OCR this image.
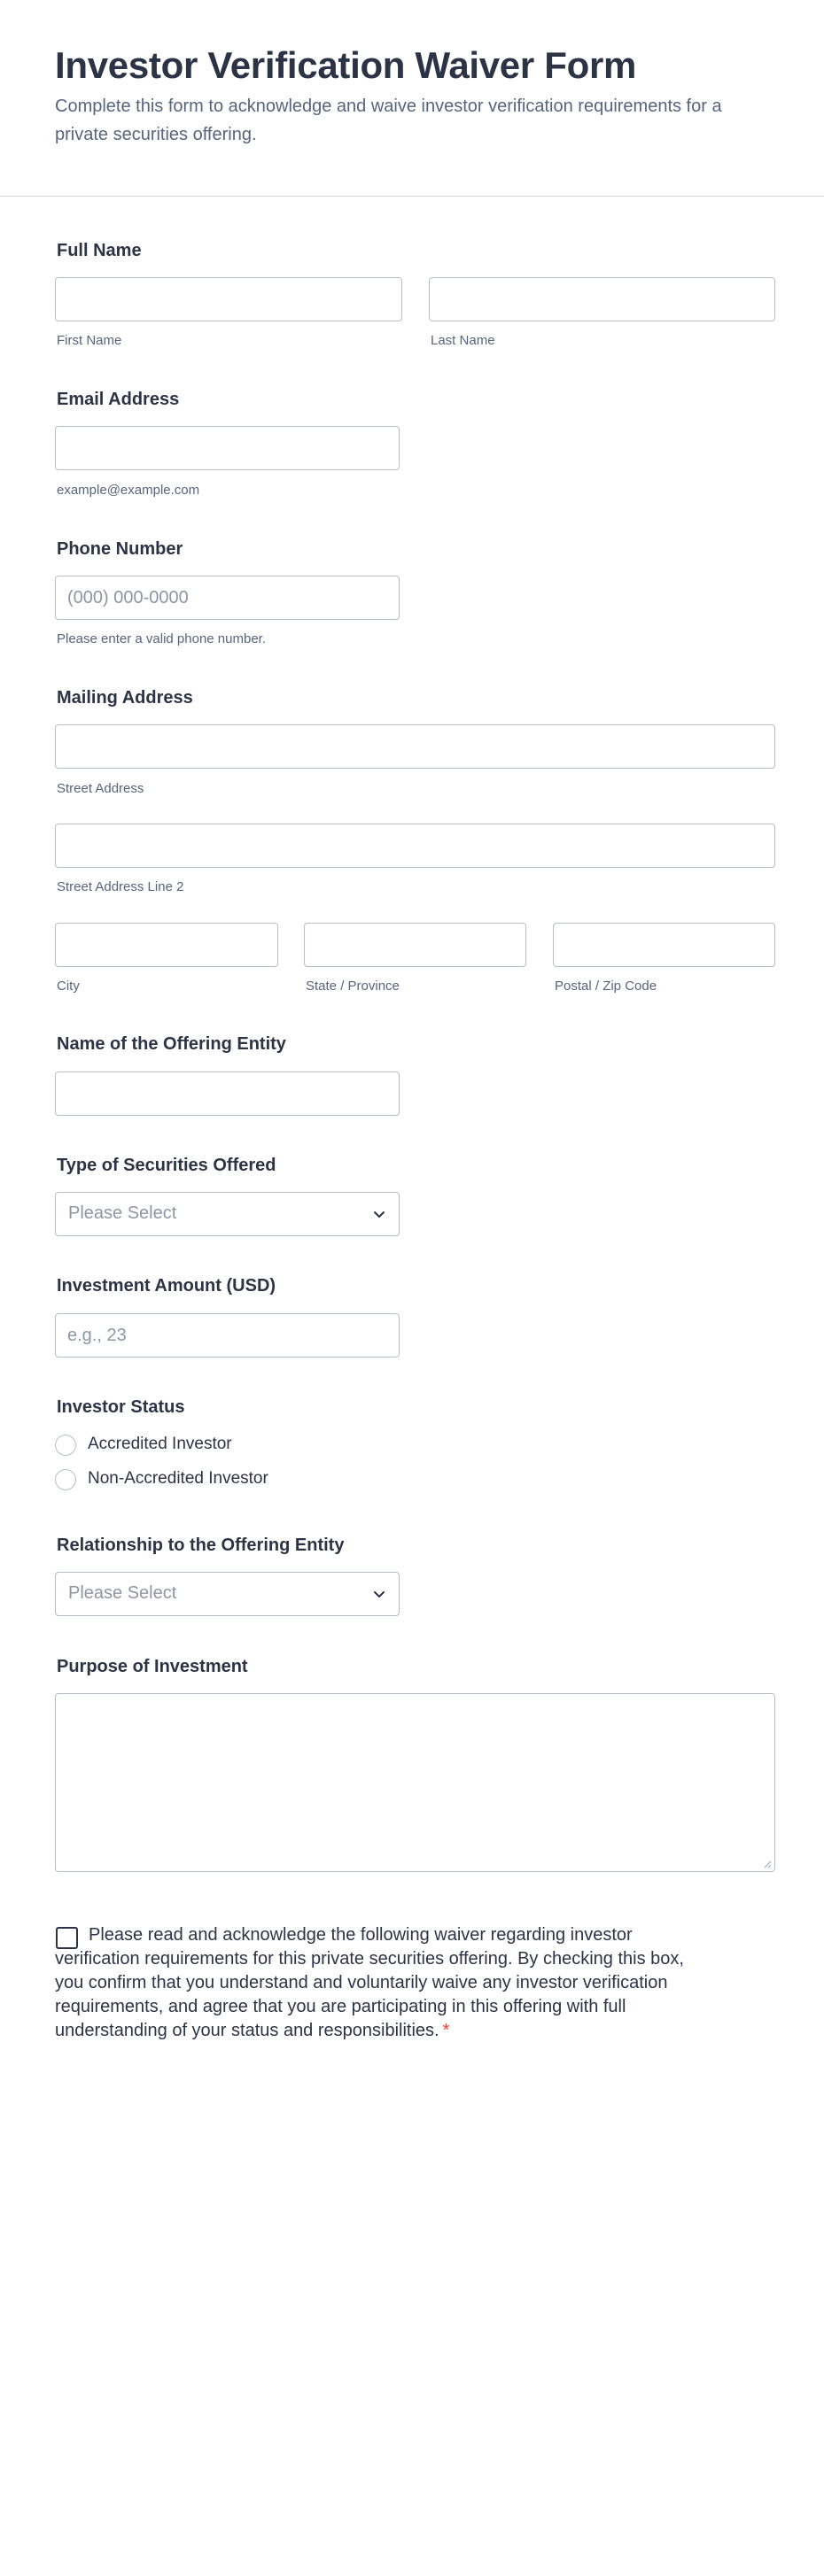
Investor Verification Waiver Form

Complete this form to acknowledge and waive investor verification requirements for a private securities offering.

Full Name
First Name	Last Name
Email Address
example@example.com
Phone Number
(000) 000-0000
Please enter a valid phone number.
Mailing Address
Street Address
Street Address Line 2
City	State / Province	Postal / Zip Code
Name of the Offering Entity
Type of Securities Offered
Please Select
Investment Amount (USD)
e.g., 23
Investor Status
Accredited Investor
Non-Accredited Investor
Relationship to the Offering Entity
Please Select
Purpose of Investment

Please read and acknowledge the following waiver regarding investor verification requirements for this private securities offering. By checking this box, you confirm that you understand and voluntarily waive any investor verification requirements, and agree that you are participating in this offering with full understanding of your status and responsibilities. *
